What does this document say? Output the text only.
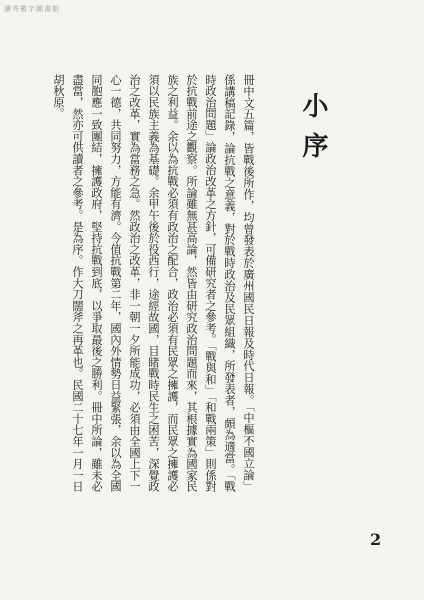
讀秀數字圖書館
小序
冊中文五篇，皆戰後所作，均曾發表於廣州國民日報及時代日報。「中樞不國立論」係講稿記錄，論抗戰之意義，對於戰時政治及民眾組織，所發表者，頗為適當。「戰時政治問題」論政治改革之方針，可備研究者之參考。「戰與和」「和戰兩策」則係對於抗戰前途之觀察。所論雖無甚高論，然皆由研究政治問題而來，其根據實為國家民族之利益。余以為抗戰必須有政治之配合，政治必須有民眾之擁護，而民眾之擁護必須以民族主義為基礎。余甲午後於役西行，途經故國，目睹戰時民生之困苦，深覺政治之改革，實為當務之急。然政治之改革，非一朝一夕所能成功，必須由全國上下一心一德，共同努力，方能有濟。今值抗戰第二年，國內外情勢日益緊張，余以為全國同胞應一致團結，擁護政府，堅持抗戰到底，以爭取最後之勝利。冊中所論，雖未必盡當，然亦可供讀者之參考。是為序。作大刀闊斧之再革也。民國二十七年一月一日胡秋原。
2
